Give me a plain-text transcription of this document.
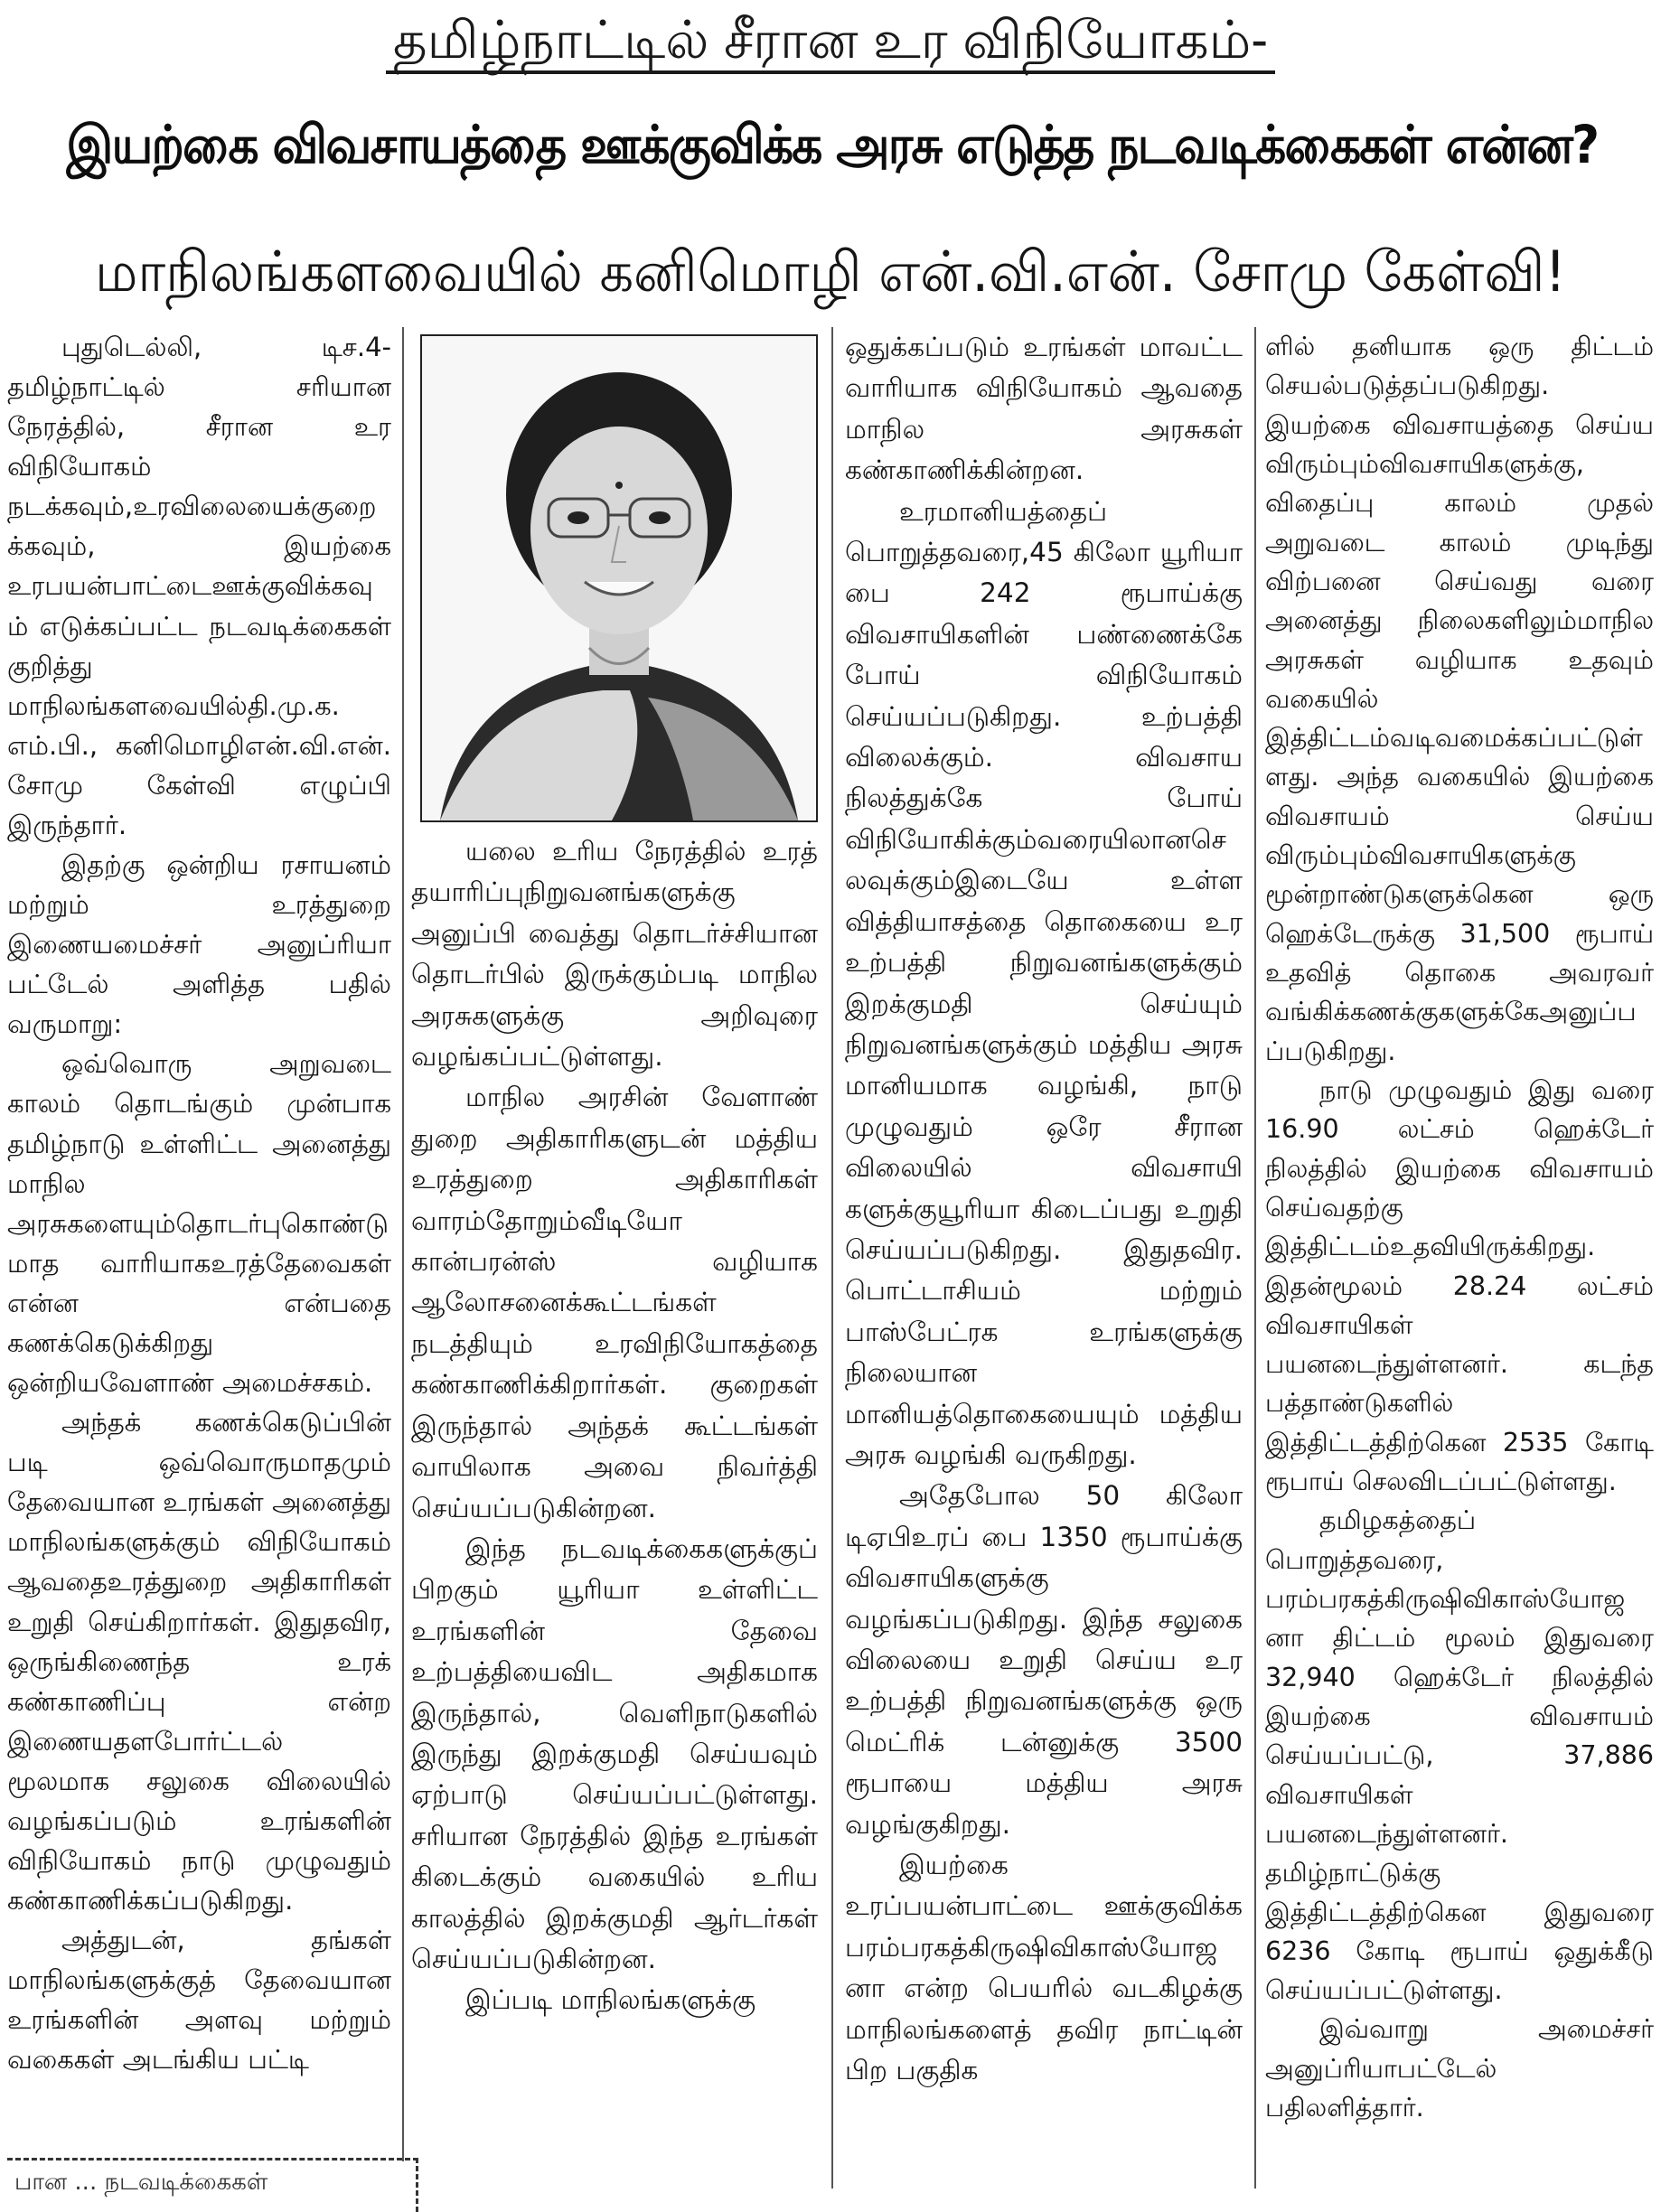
தமிழ்நாட்டில் சீரான உர விநியோகம்-
இயற்கை விவசாயத்தை ஊக்குவிக்க அரசு எடுத்த நடவடிக்கைகள் என்ன?
மாநிலங்களவையில் கனிமொழி என்.வி.என். சோமு கேள்வி!

புதுடெல்லி, டிச.4- தமிழ்நாட்டில் சரியான நேரத்தில், சீரான உர விநியோகம் நடக்கவும்,உரவிலையைக்குறைக்கவும், இயற்கை உரபயன்பாட்டைஊக்குவிக்கவும் எடுக்கப்பட்ட நடவடிக்கைகள் குறித்து மாநிலங்களவையில்தி.மு.க. எம்.பி., கனிமொழிஎன்.வி.என். சோமு கேள்வி எழுப்பி இருந்தார்.

இதற்கு ஒன்றிய ரசாயனம் மற்றும் உரத்துறை இணையமைச்சர் அனுப்ரியா பட்டேல் அளித்த பதில் வருமாறு:

ஒவ்வொரு அறுவடை காலம் தொடங்கும் முன்பாக தமிழ்நாடு உள்ளிட்ட அனைத்து மாநில அரசுகளையும்தொடர்புகொண்டு மாத வாரியாகஉரத்தேவைகள் என்ன என்பதை கணக்கெடுக்கிறது ஒன்றியவேளாண் அமைச்சகம்.

அந்தக் கணக்கெடுப்பின் படி ஒவ்வொருமாதமும் தேவையான உரங்கள் அனைத்து மாநிலங்களுக்கும் விநியோகம் ஆவதைஉரத்துறை அதிகாரிகள் உறுதி செய்கிறார்கள். இதுதவிர, ஒருங்கிணைந்த உரக் கண்காணிப்பு என்ற இணையதளபோர்ட்டல் மூலமாக சலுகை விலையில் வழங்கப்படும் உரங்களின் விநியோகம் நாடு முழுவதும் கண்காணிக்கப்படுகிறது.

அத்துடன், தங்கள் மாநிலங்களுக்குத் தேவையான உரங்களின் அளவு மற்றும் வகைகள் அடங்கிய பட்டி

யலை உரிய நேரத்தில் உரத் தயாரிப்புநிறுவனங்களுக்கு அனுப்பி வைத்து தொடர்ச்சியான தொடர்பில் இருக்கும்படி மாநில அரசுகளுக்கு அறிவுரை வழங்கப்பட்டுள்ளது.

மாநில அரசின் வேளாண் துறை அதிகாரிகளுடன் மத்திய உரத்துறை அதிகாரிகள் வாரம்தோறும்வீடியோ கான்பரன்ஸ் வழியாக ஆலோசனைக்கூட்டங்கள் நடத்தியும் உரவிநியோகத்தை கண்காணிக்கிறார்கள். குறைகள் இருந்தால் அந்தக் கூட்டங்கள் வாயிலாக அவை நிவர்த்தி செய்யப்படுகின்றன.

இந்த நடவடிக்கைகளுக்குப் பிறகும் யூரியா உள்ளிட்ட உரங்களின் தேவை உற்பத்தியைவிட அதிகமாக இருந்தால், வெளிநாடுகளில் இருந்து இறக்குமதி செய்யவும் ஏற்பாடு செய்யப்பட்டுள்ளது. சரியான நேரத்தில் இந்த உரங்கள் கிடைக்கும் வகையில் உரிய காலத்தில் இறக்குமதி ஆர்டர்கள் செய்யப்படுகின்றன.

இப்படி மாநிலங்களுக்கு

ஒதுக்கப்படும் உரங்கள் மாவட்ட வாரியாக விநியோகம் ஆவதை மாநில அரசுகள் கண்காணிக்கின்றன.

உரமானியத்தைப் பொறுத்தவரை,45 கிலோ யூரியா பை 242 ரூபாய்க்கு விவசாயிகளின் பண்ணைக்கே போய் விநியோகம் செய்யப்படுகிறது. உற்பத்தி விலைக்கும். விவசாய நிலத்துக்கே போய் விநியோகிக்கும்வரையிலானசெலவுக்கும்இடையே உள்ள வித்தியாசத்தை தொகையை உர உற்பத்தி நிறுவனங்களுக்கும் இறக்குமதி செய்யும் நிறுவனங்களுக்கும் மத்திய அரசு மானியமாக வழங்கி, நாடு முழுவதும் ஒரே சீரான விலையில் விவசாயி களுக்குயூரியா கிடைப்பது உறுதி செய்யப்படுகிறது. இதுதவிர. பொட்டாசியம் மற்றும் பாஸ்பேட்ரக உரங்களுக்கு நிலையான மானியத்தொகையையும் மத்திய அரசு வழங்கி வருகிறது.

அதேபோல 50 கிலோ டிஏபிஉரப் பை 1350 ரூபாய்க்கு விவசாயிகளுக்கு வழங்கப்படுகிறது. இந்த சலுகை விலையை உறுதி செய்ய உர உற்பத்தி நிறுவனங்களுக்கு ஒரு மெட்ரிக் டன்னுக்கு 3500 ரூபாயை மத்திய அரசு வழங்குகிறது.

இயற்கை உரப்பயன்பாட்டை ஊக்குவிக்க பரம்பரகத்கிருஷிவிகாஸ்யோஜனா என்ற பெயரில் வடகிழக்கு மாநிலங்களைத் தவிர நாட்டின் பிற பகுதிக

ளில் தனியாக ஒரு திட்டம் செயல்படுத்தப்படுகிறது. இயற்கை விவசாயத்தை செய்ய விரும்பும்விவசாயிகளுக்கு, விதைப்பு காலம் முதல் அறுவடை காலம் முடிந்து விற்பனை செய்வது வரை அனைத்து நிலைகளிலும்மாநில அரசுகள் வழியாக உதவும் வகையில் இத்திட்டம்வடிவமைக்கப்பட்டுள்ளது. அந்த வகையில் இயற்கை விவசாயம் செய்ய விரும்பும்விவசாயிகளுக்கு மூன்றாண்டுகளுக்கென ஒரு ஹெக்டேருக்கு 31,500 ரூபாய் உதவித் தொகை அவரவர் வங்கிக்கணக்குகளுக்கேஅனுப்பப்படுகிறது.

நாடு முழுவதும் இது வரை 16.90 லட்சம் ஹெக்டேர் நிலத்தில் இயற்கை விவசாயம் செய்வதற்கு இத்திட்டம்உதவியிருக்கிறது. இதன்மூலம் 28.24 லட்சம் விவசாயிகள் பயனடைந்துள்ளனர். கடந்த பத்தாண்டுகளில் இத்திட்டத்திற்கென 2535 கோடி ரூபாய் செலவிடப்பட்டுள்ளது.

தமிழகத்தைப் பொறுத்தவரை, பரம்பரகத்கிருஷிவிகாஸ்யோஜனா திட்டம் மூலம் இதுவரை 32,940 ஹெக்டேர் நிலத்தில் இயற்கை விவசாயம் செய்யப்பட்டு, 37,886 விவசாயிகள் பயனடைந்துள்ளனர். தமிழ்நாட்டுக்கு இத்திட்டத்திற்கென இதுவரை 6236 கோடி ரூபாய் ஒதுக்கீடு செய்யப்பட்டுள்ளது.

இவ்வாறு அமைச்சர் அனுப்ரியாபட்டேல் பதிலளித்தார்.

பான ... நடவடிக்கைகள்
